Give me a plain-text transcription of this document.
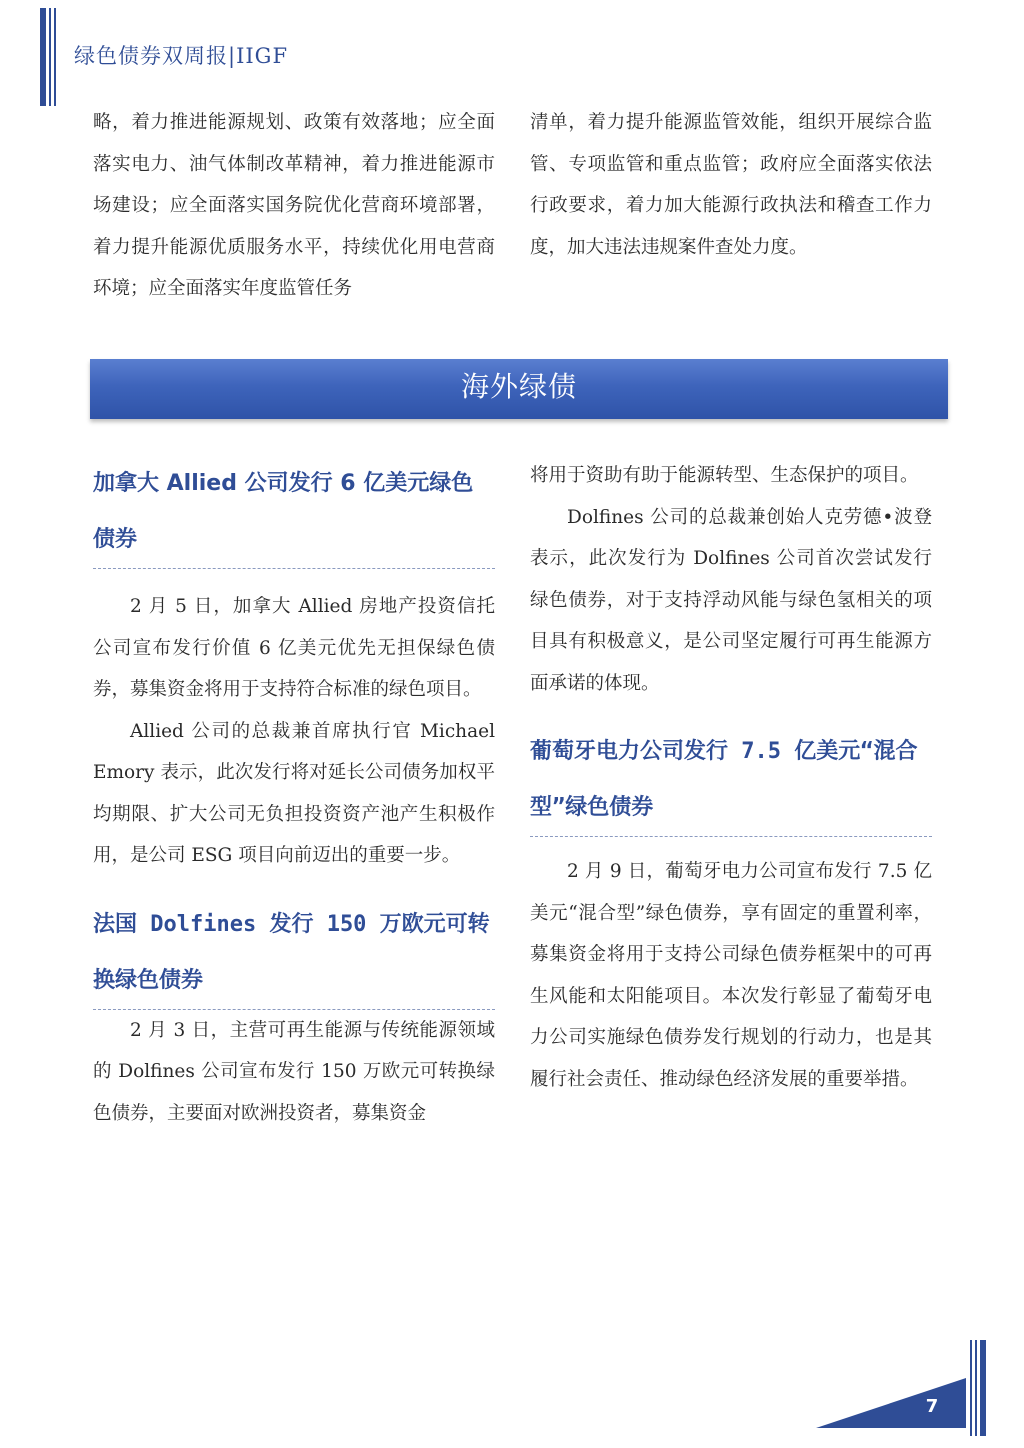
绿色债券双周报|IIGF

略，着力推进能源规划、政策有效落地；应全面落实电力、油气体制改革精神，着力推进能源市场建设；应全面落实国务院优化营商环境部署，着力提升能源优质服务水平，持续优化用电营商环境；应全面落实年度监管任务

清单，着力提升能源监管效能，组织开展综合监管、专项监管和重点监管；政府应全面落实依法行政要求，着力加大能源行政执法和稽查工作力度，加大违法违规案件查处力度。

海外绿债

加拿大 Allied 公司发行 6 亿美元绿色债券

2 月 5 日，加拿大 Allied 房地产投资信托公司宣布发行价值 6 亿美元优先无担保绿色债券，募集资金将用于支持符合标准的绿色项目。

Allied 公司的总裁兼首席执行官 Michael Emory 表示，此次发行将对延长公司债务加权平均期限、扩大公司无负担投资资产池产生积极作用，是公司 ESG 项目向前迈出的重要一步。

法国 Dolfines 发行 150 万欧元可转换绿色债券

2 月 3 日，主营可再生能源与传统能源领域的 Dolfines 公司宣布发行 150 万欧元可转换绿色债券，主要面对欧洲投资者，募集资金

将用于资助有助于能源转型、生态保护的项目。

Dolfines 公司的总裁兼创始人克劳德•波登表示，此次发行为 Dolfines 公司首次尝试发行绿色债券，对于支持浮动风能与绿色氢相关的项目具有积极意义，是公司坚定履行可再生能源方面承诺的体现。

葡萄牙电力公司发行 7.5 亿美元“混合型”绿色债券

2 月 9 日，葡萄牙电力公司宣布发行 7.5 亿美元“混合型”绿色债券，享有固定的重置利率，募集资金将用于支持公司绿色债券框架中的可再生风能和太阳能项目。本次发行彰显了葡萄牙电力公司实施绿色债券发行规划的行动力，也是其履行社会责任、推动绿色经济发展的重要举措。

7
